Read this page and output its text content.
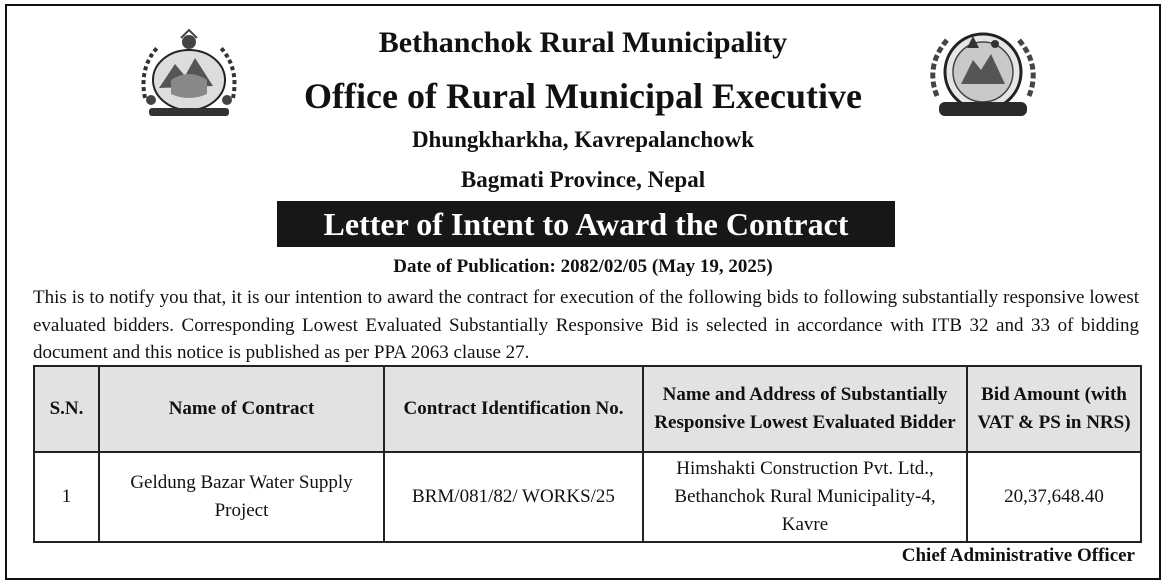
Bethanchok Rural Municipality
Office of Rural Municipal Executive
Dhungkharkha, Kavrepalanchowk
Bagmati Province, Nepal
Letter of Intent to Award the Contract
Date of Publication: 2082/02/05 (May 19, 2025)
This is to notify you that, it is our intention to award the contract for execution of the following bids to following substantially responsive lowest evaluated bidders. Corresponding Lowest Evaluated Substantially Responsive Bid is selected in accordance with ITB 32 and 33 of bidding document and this notice is published as per PPA 2063 clause 27.
S.N.	Name of Contract	Contract Identification No.	Name and Address of Substantially Responsive Lowest Evaluated Bidder	Bid Amount (with VAT & PS in NRS)
1	Geldung Bazar Water Supply Project	BRM/081/82/ WORKS/25	Himshakti Construction Pvt. Ltd., Bethanchok Rural Municipality-4, Kavre	20,37,648.40
Chief Administrative Officer
